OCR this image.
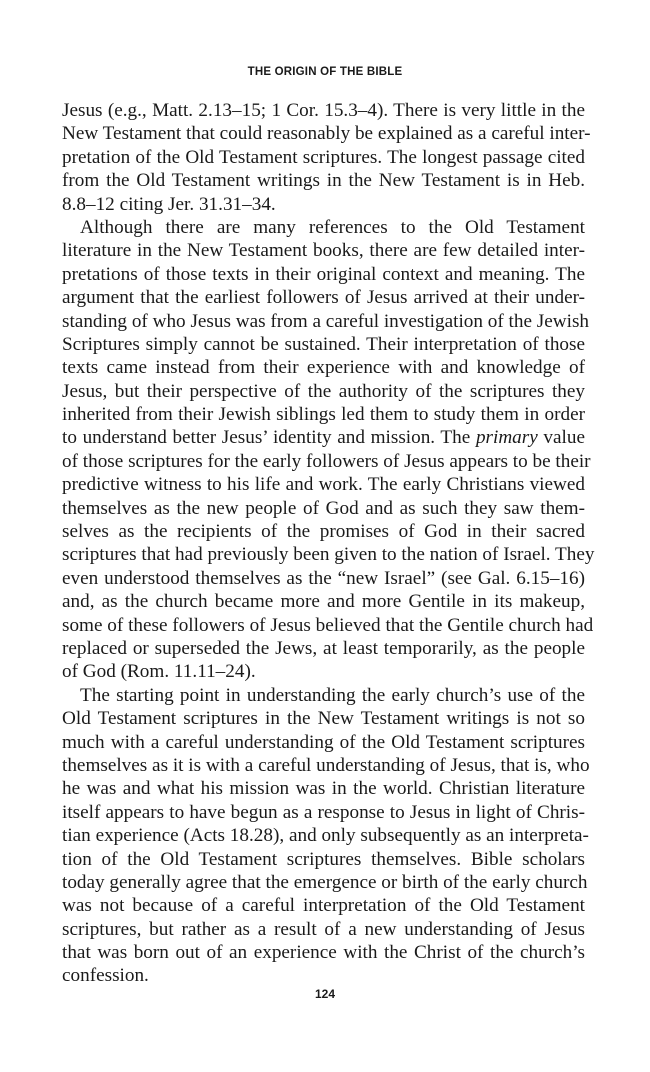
THE ORIGIN OF THE BIBLE
Jesus (e.g., Matt. 2.13–15; 1 Cor. 15.3–4). There is very little in the
New Testament that could reasonably be explained as a careful inter-
pretation of the Old Testament scriptures. The longest passage cited
from the Old Testament writings in the New Testament is in Heb.
8.8–12 citing Jer. 31.31–34.
Although there are many references to the Old Testament
literature in the New Testament books, there are few detailed inter-
pretations of those texts in their original context and meaning. The
argument that the earliest followers of Jesus arrived at their under-
standing of who Jesus was from a careful investigation of the Jewish
Scriptures simply cannot be sustained. Their interpretation of those
texts came instead from their experience with and knowledge of
Jesus, but their perspective of the authority of the scriptures they
inherited from their Jewish siblings led them to study them in order
to understand better Jesus’ identity and mission. The primary value
of those scriptures for the early followers of Jesus appears to be their
predictive witness to his life and work. The early Christians viewed
themselves as the new people of God and as such they saw them-
selves as the recipients of the promises of God in their sacred
scriptures that had previously been given to the nation of Israel. They
even understood themselves as the “new Israel” (see Gal. 6.15–16)
and, as the church became more and more Gentile in its makeup,
some of these followers of Jesus believed that the Gentile church had
replaced or superseded the Jews, at least temporarily, as the people
of God (Rom. 11.11–24).
The starting point in understanding the early church’s use of the
Old Testament scriptures in the New Testament writings is not so
much with a careful understanding of the Old Testament scriptures
themselves as it is with a careful understanding of Jesus, that is, who
he was and what his mission was in the world. Christian literature
itself appears to have begun as a response to Jesus in light of Chris-
tian experience (Acts 18.28), and only subsequently as an interpreta-
tion of the Old Testament scriptures themselves. Bible scholars
today generally agree that the emergence or birth of the early church
was not because of a careful interpretation of the Old Testament
scriptures, but rather as a result of a new understanding of Jesus
that was born out of an experience with the Christ of the church’s
confession.
124
